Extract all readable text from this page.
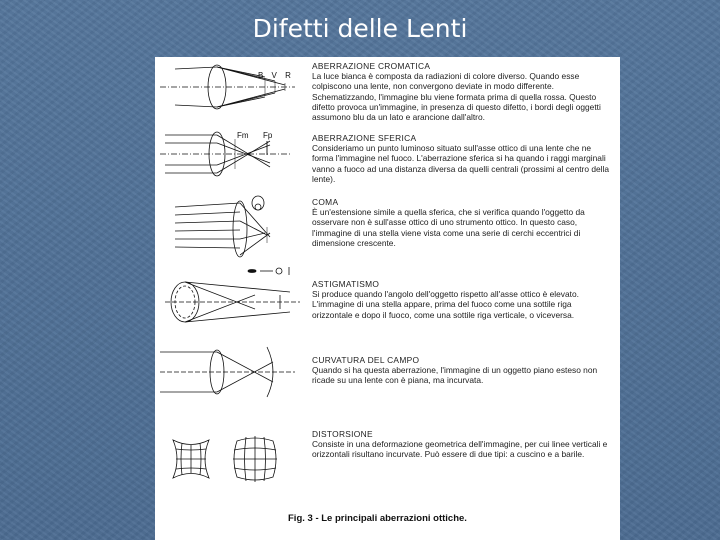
Difetti delle Lenti
B V R
Fm Fp
ABERRAZIONE CROMATICA
La luce bianca è composta da radiazioni di colore diverso. Quando esse colpiscono una lente, non convergono deviate in modo differente. Schematizzando, l'immagine blu viene formata prima di quella rossa. Questo difetto provoca un'immagine, in presenza di questo difetto, i bordi degli oggetti assumono blu da un lato e arancione dall'altro.
ABERRAZIONE SFERICA
Consideriamo un punto luminoso situato sull'asse ottico di una lente che ne forma l'immagine nel fuoco. L'aberrazione sferica si ha quando i raggi marginali vanno a fuoco ad una distanza diversa da quelli centrali (prossimi al centro della lente).
COMA
È un'estensione simile a quella sferica, che si verifica quando l'oggetto da osservare non è sull'asse ottico di uno strumento ottico. In questo caso, l'immagine di una stella viene vista come una serie di cerchi eccentrici di dimensione crescente.
ASTIGMATISMO
Si produce quando l'angolo dell'oggetto rispetto all'asse ottico è elevato. L'immagine di una stella appare, prima del fuoco come una sottile riga orizzontale e dopo il fuoco, come una sottile riga verticale, o viceversa.
CURVATURA DEL CAMPO
Quando si ha questa aberrazione, l'immagine di un oggetto piano esteso non ricade su una lente con è piana, ma incurvata.
DISTORSIONE
Consiste in una deformazione geometrica dell'immagine, per cui linee verticali e orizzontali risultano incurvate. Può essere di due tipi: a cuscino e a barile.
Fig. 3 - Le principali aberrazioni ottiche.
